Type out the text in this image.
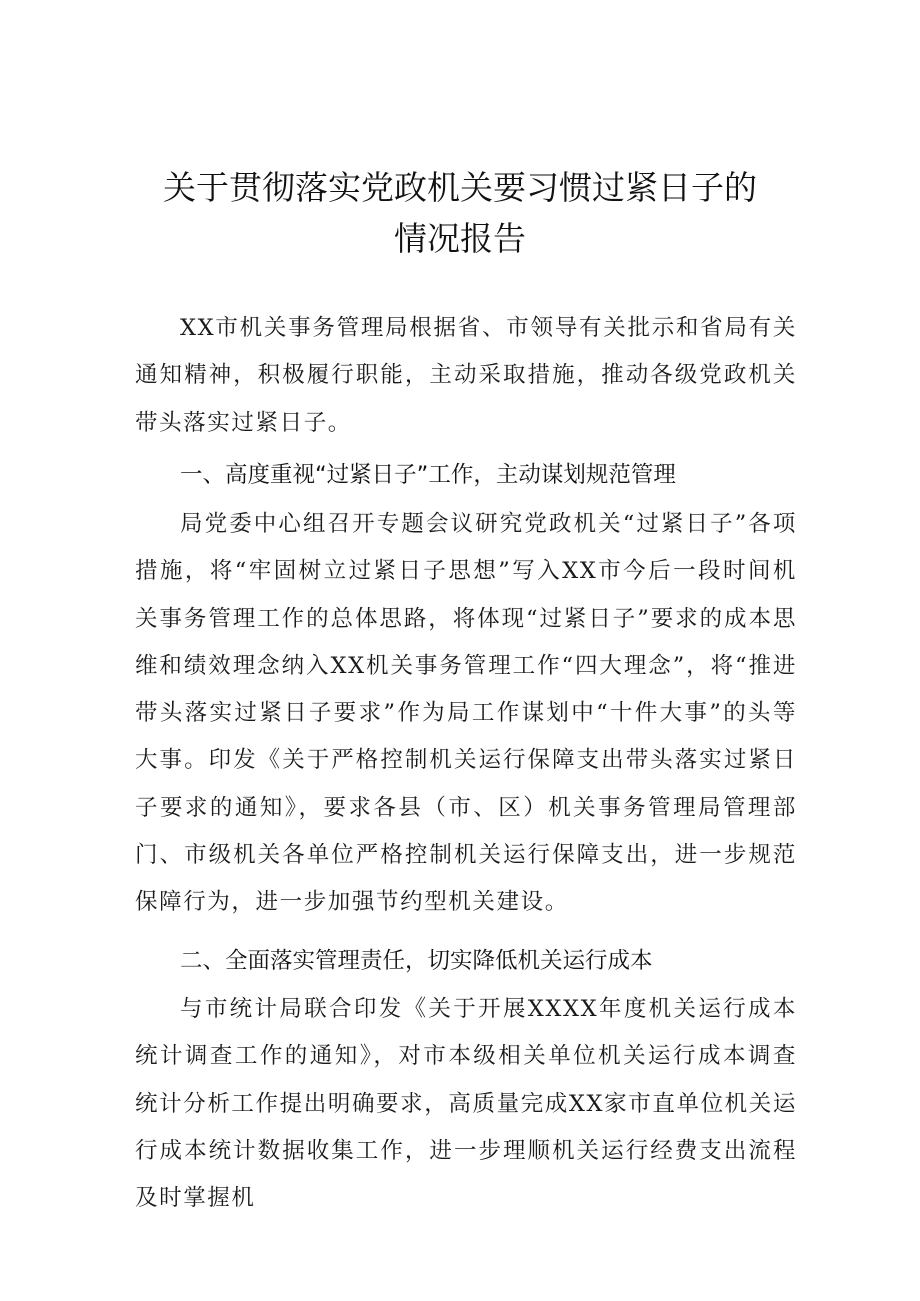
关于贯彻落实党政机关要习惯过紧日子的
情况报告

XX市机关事务管理局根据省、市领导有关批示和省局有关通知精神，积极履行职能，主动采取措施，推动各级党政机关带头落实过紧日子。

一、高度重视“过紧日子”工作，主动谋划规范管理

局党委中心组召开专题会议研究党政机关“过紧日子”各项措施，将“牢固树立过紧日子思想”写入XX市今后一段时间机关事务管理工作的总体思路，将体现“过紧日子”要求的成本思维和绩效理念纳入XX机关事务管理工作“四大理念”，将“推进带头落实过紧日子要求”作为局工作谋划中“十件大事”的头等大事。印发《关于严格控制机关运行保障支出带头落实过紧日子要求的通知》，要求各县（市、区）机关事务管理局管理部门、市级机关各单位严格控制机关运行保障支出，进一步规范保障行为，进一步加强节约型机关建设。

二、全面落实管理责任，切实降低机关运行成本

与市统计局联合印发《关于开展XXXX年度机关运行成本统计调查工作的通知》，对市本级相关单位机关运行成本调查统计分析工作提出明确要求，高质量完成XX家市直单位机关运行成本统计数据收集工作，进一步理顺机关运行经费支出流程及时掌握机
